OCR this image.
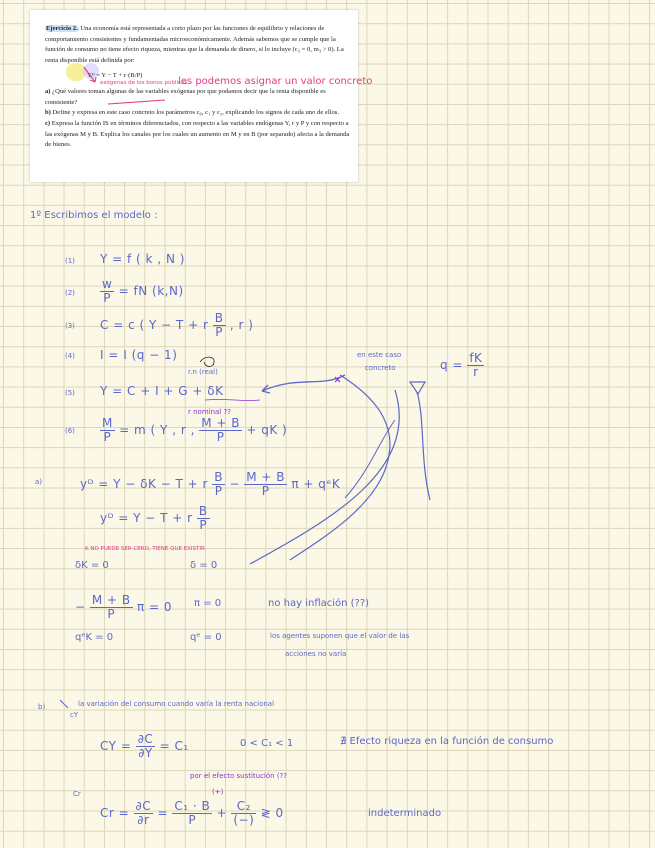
Ejercicio 2. Una economía está representada a corto plazo por las funciones de equilibrio y relaciones de comportamiento consistentes y fundamentadas microeconómicamente. Además sabemos que se cumple que la función de consumo no tiene efecto riqueza, mientras que la demanda de dinero, si lo incluye (c₃ = 0, m₃ > 0). La renta disponible está definida por:

Yᴰ = Y − T + r·(B/P)

a) ¿Qué valores toman algunas de las variables exógenas por que podamos decir que la renta disponible es consistente?

b) Define y expresa en este caso concreto los parámetros c₀, c₁ y c₂, explicando los signos de cada uno de ellos.

c) Expresa la función IS en términos diferenciados, con respecto a las variables endógenas Y, r y P y con respecto a las exógenas M y B. Explica los canales por los cuales un aumento en M y en B (por separado) afecta a la demanda de bienes.

exógenas de los bonos públicos
les podemos asignar un valor concreto
1º Escribimos el modelo :
(1) Y = f ( k , N )
$(2) \frac{w}{P}$ = fN (k,N)
(3) C = c ( Y − T + r $\frac{B}{P}$ , r )
(4) I = I (q − 1)
r.n (real)
en este caso
concreto	$q = \frac{fK}{r}$
(5) Y = C + I + G + δK
r nominal ??
$(6) \frac{M}{P} = m$ ( Y , r , $\frac{M + B}{P}$ + qK )
a)	yᴰ = Y − δK − T + r $\frac{B}{P} - \frac{M + B}{P}$ π + qᵉK
yᴰ = Y − T + r $\frac{B}{P}$
K NO PUEDE SER CERO, TIENE QUE EXISTIR
δK = 0	δ = 0
− $\frac{M + B}{P}$ π = 0 π = 0	no hay inflación (??)
qᵉK = 0	qᵉ = 0	los agentes suponen que el valor de las
acciones no varía
b)
cY
la variación del consumo cuando varía la renta nacional
CY = $\frac{\partial C}{\partial Y} = C_1$	0 < C₁ < 1	∄ Efecto riqueza en la función de consumo
por el efecto sustitución (??
(+)
Cr
$Cr = \frac{\partial C}{\partial r} = \frac{\text{C₁ · B}}{P} + \frac{\text{C₂}}{(-)}$ ≷ 0	indeterminado
